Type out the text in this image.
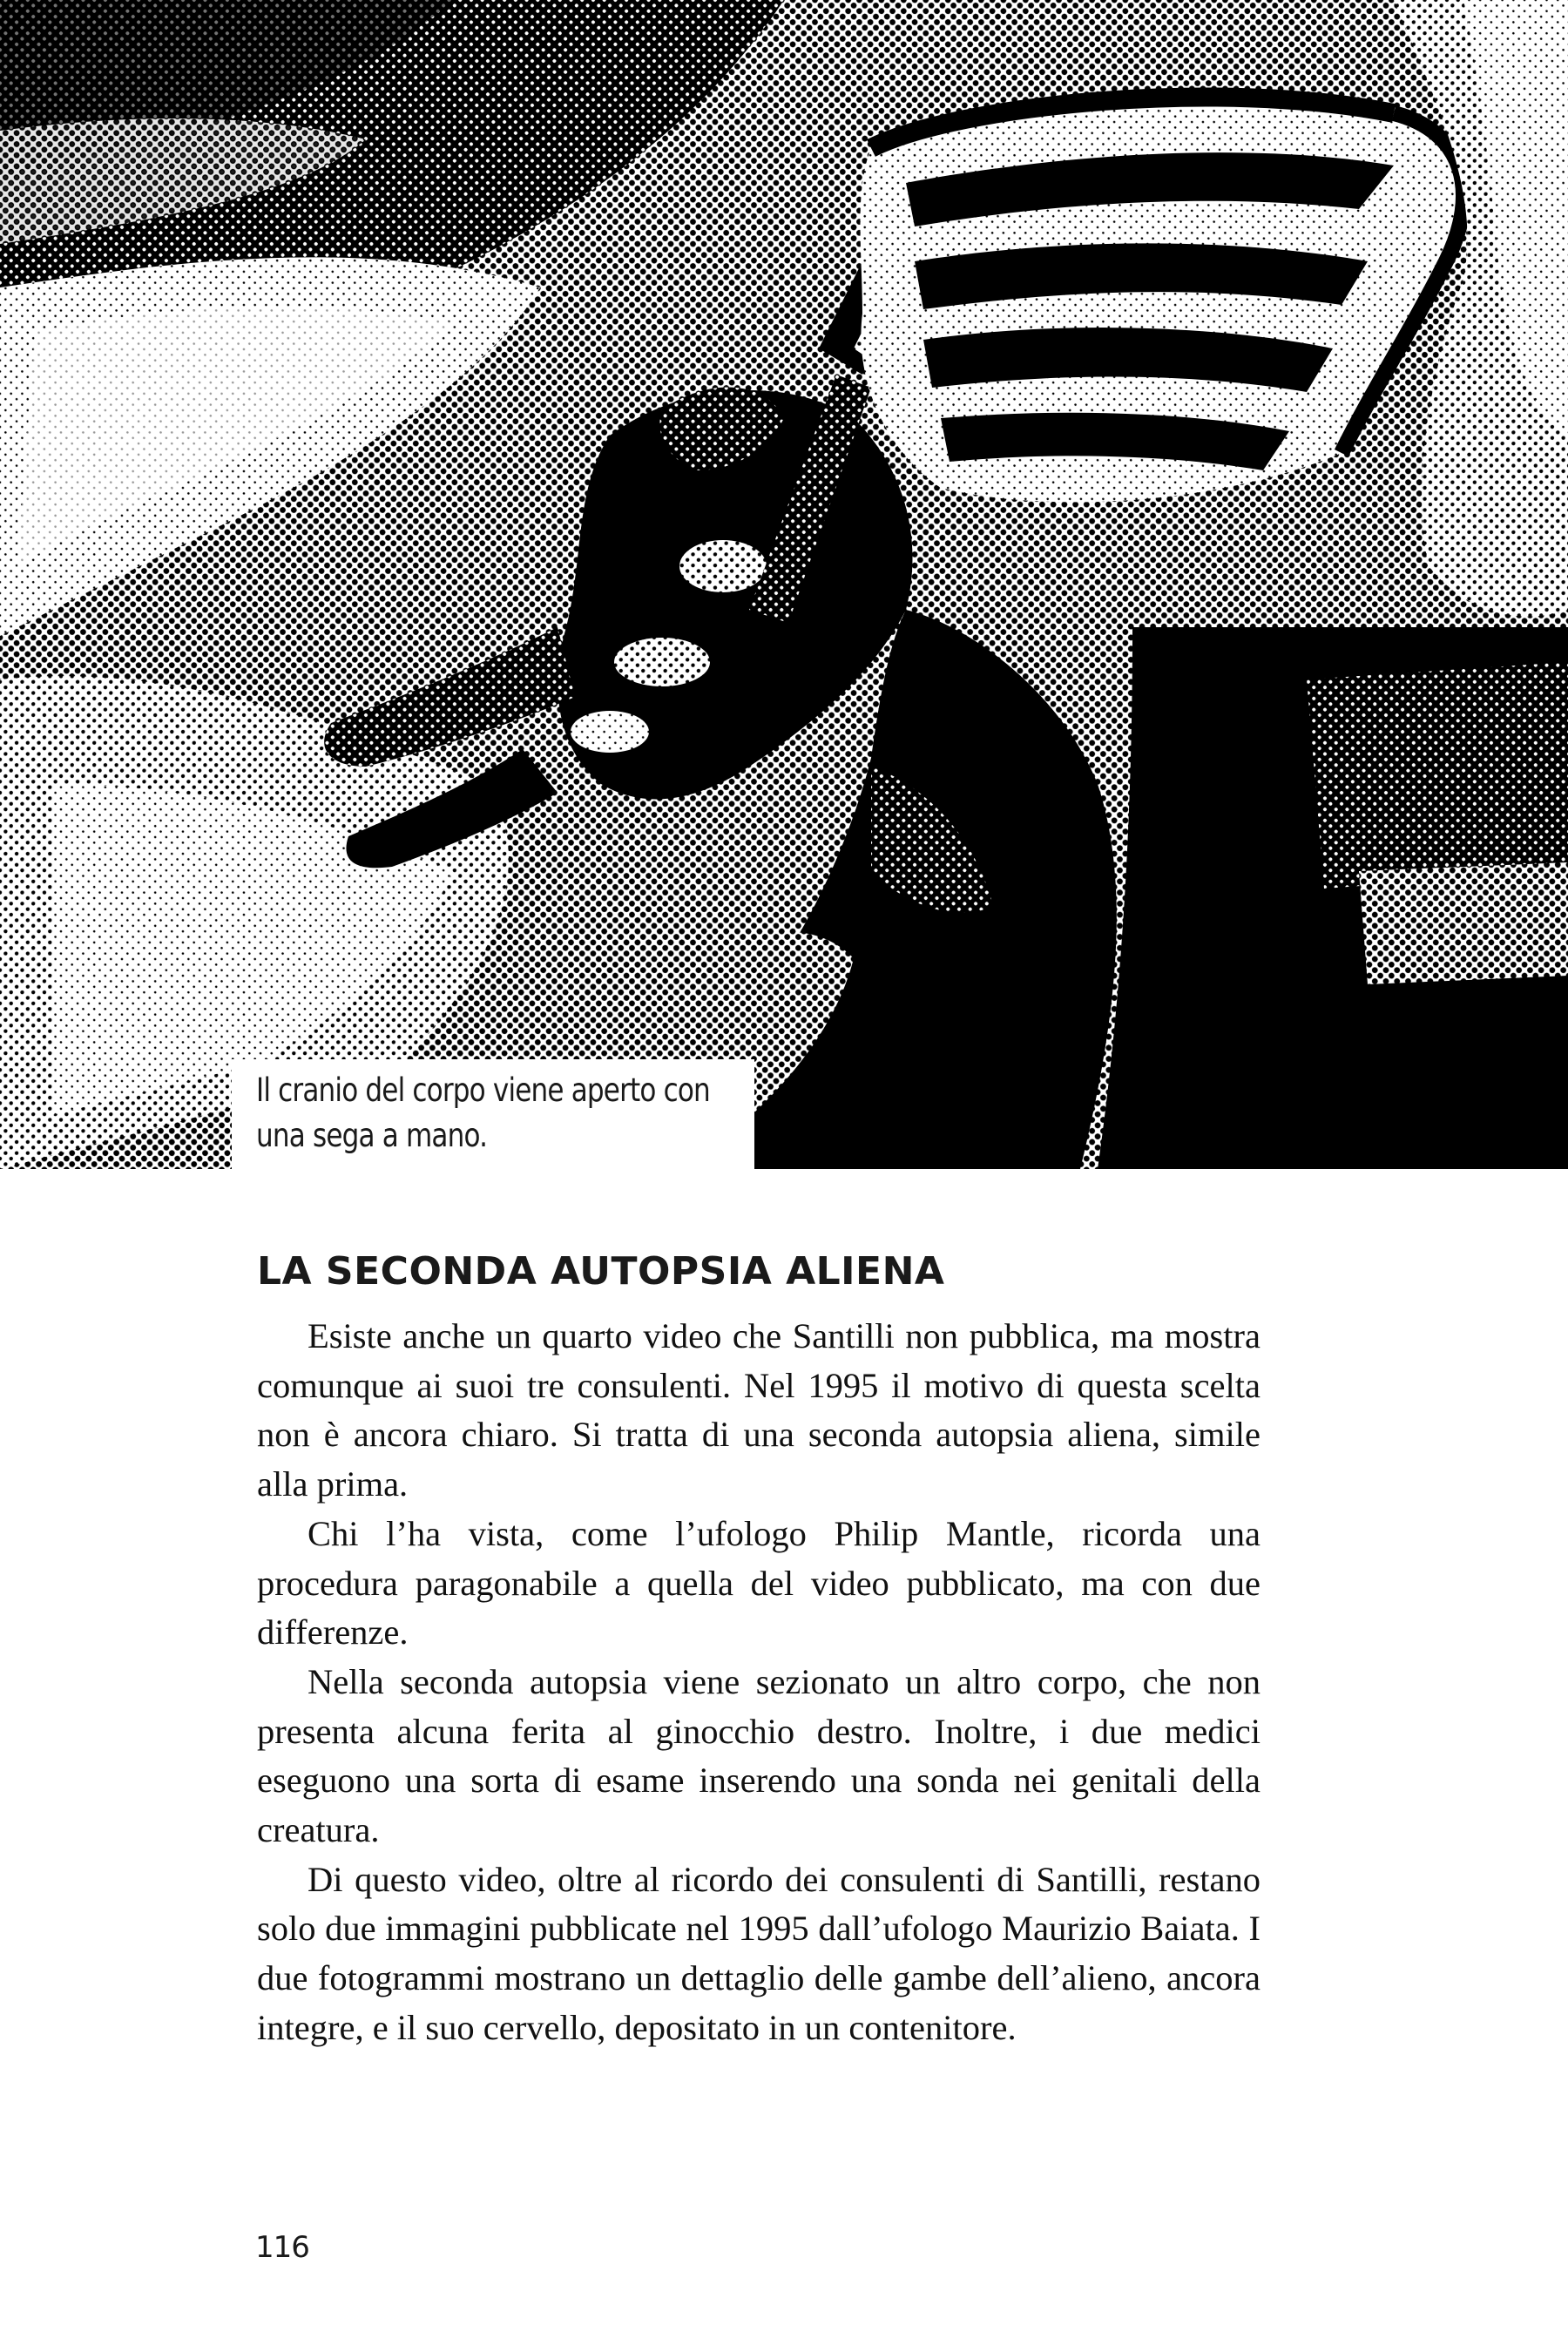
Il cranio del corpo viene aperto con
una sega a mano.
LA SECONDA AUTOPSIA ALIENA

Esiste anche un quarto video che Santilli non pubblica, ma mostra comunque ai suoi tre consulenti. Nel 1995 il motivo di questa scelta non è ancora chiaro. Si tratta di una seconda autopsia aliena, simile alla prima.

Chi l’ha vista, come l’ufologo Philip Mantle, ricorda una procedura paragonabile a quella del video pubblicato, ma con due differenze.

Nella seconda autopsia viene sezionato un altro corpo, che non presenta alcuna ferita al ginocchio destro. Inoltre, i due medici eseguono una sorta di esame inserendo una sonda nei genitali della creatura.

Di questo video, oltre al ricordo dei consulenti di Santilli, restano solo due immagini pubblicate nel 1995 dall’ufologo Maurizio Baiata. I due fotogrammi mostrano un dettaglio delle gambe dell’alieno, ancora integre, e il suo cervello, depositato in un contenitore.

116
